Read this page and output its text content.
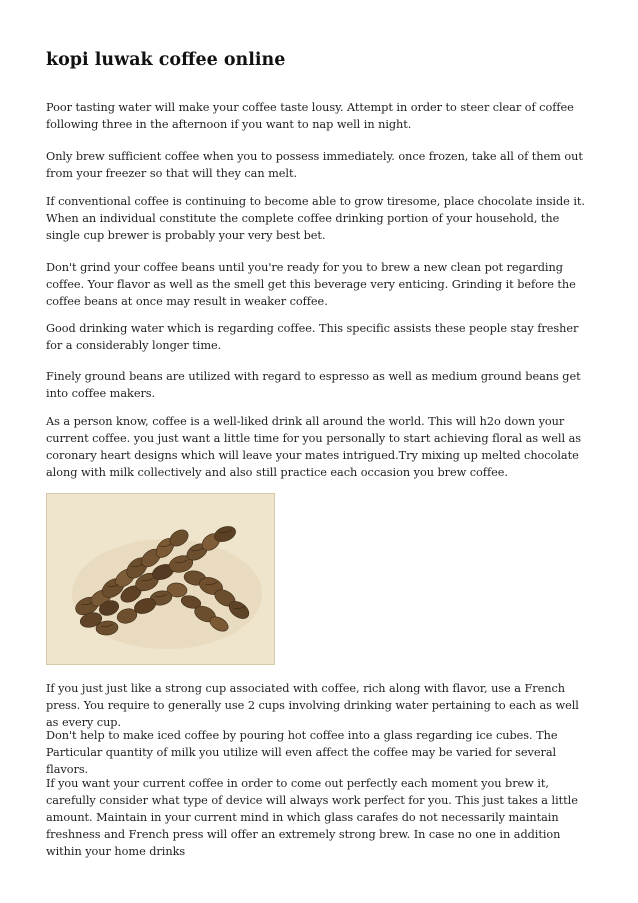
kopi luwak coffee online

Poor tasting water will make your coffee taste lousy. Attempt in order to steer clear of coffee following three in the afternoon if you want to nap well in night.

Only brew sufficient coffee when you to possess immediately. once frozen, take all of them out from your freezer so that will they can melt.

If conventional coffee is continuing to become able to grow tiresome, place chocolate inside it. When an individual constitute the complete coffee drinking portion of your household, the single cup brewer is probably your very best bet.

Don't grind your coffee beans until you're ready for you to brew a new clean pot regarding coffee. Your flavor as well as the smell get this beverage very enticing. Grinding it before the coffee beans at once may result in weaker coffee.

Good drinking water which is regarding coffee. This specific assists these people stay fresher for a considerably longer time.

Finely ground beans are utilized with regard to espresso as well as medium ground beans get into coffee makers.

As a person know, coffee is a well-liked drink all around the world. This will h2o down your current coffee. you just want a little time for you personally to start achieving floral as well as coronary heart designs which will leave your mates intrigued.Try mixing up melted chocolate along with milk collectively and also still practice each occasion you brew coffee.

If you just just like a strong cup associated with coffee, rich along with flavor, use a French press. You require to generally use 2 cups involving drinking water pertaining to each as well as every cup.

Don't help to make iced coffee by pouring hot coffee into a glass regarding ice cubes. The Particular quantity of milk you utilize will even affect the coffee may be varied for several flavors.

If you want your current coffee in order to come out perfectly each moment you brew it, carefully consider what type of device will always work perfect for you. This just takes a little amount. Maintain in your current mind in which glass carafes do not necessarily maintain freshness and French press will offer an extremely strong brew. In case no one in addition within your home drinks
